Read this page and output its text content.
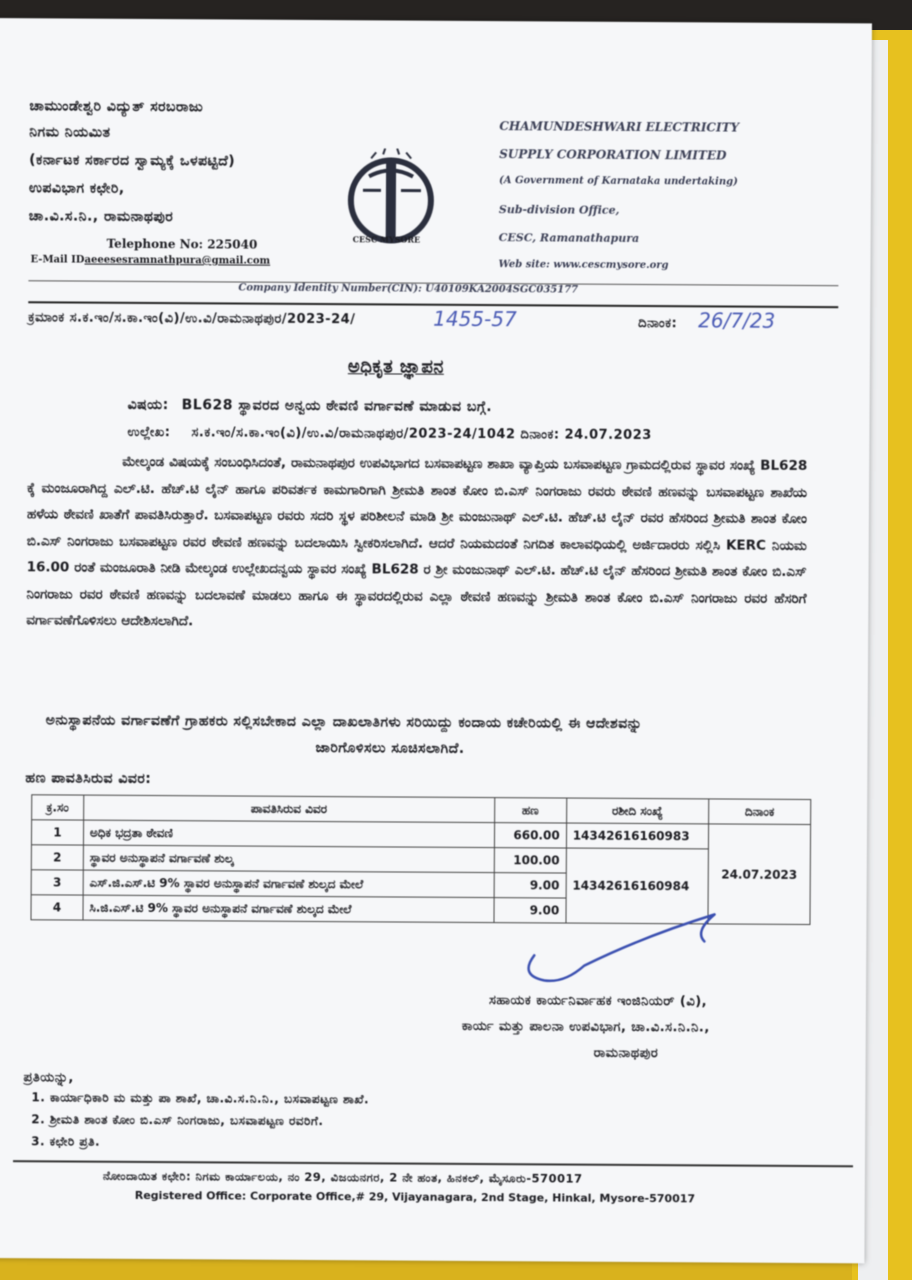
ಚಾಮುಂಡೇಶ್ವರಿ ವಿದ್ಯುತ್ ಸರಬರಾಜು
ನಿಗಮ ನಿಯಮಿತ
(ಕರ್ನಾಟಕ ಸರ್ಕಾರದ ಸ್ವಾಮ್ಯಕ್ಕೆ ಒಳಪಟ್ಟಿದೆ)
ಉಪವಿಭಾಗ ಕಛೇರಿ,
ಚಾ.ವಿ.ಸ.ನಿ., ರಾಮನಾಥಪುರ
Telephone No: 225040
E-Mail ID aeeesesramnathpura@gmail.com
CESC MYSORE
CHAMUNDESHWARI ELECTRICITY
SUPPLY CORPORATION LIMITED
(A Government of Karnataka undertaking)
Sub-division Office,
CESC, Ramanathapura
Web site: www.cescmysore.org
Company Identity Number(CIN): U40109KA2004SGC035177
ಕ್ರಮಾಂಕ ಸ.ಕ.ಇಂ/ಸ.ಕಾ.ಇಂ(ವಿ)/ಉ.ವಿ/ರಾಮನಾಥಪುರ/2023-24/	1455-57	ದಿನಾಂಕ: 26/7/23
ಅಧಿಕೃತ ಜ್ಞಾಪನ
ವಿಷಯ: BL628 ಸ್ಥಾವರದ ಅನ್ವಯ ಠೇವಣಿ ವರ್ಗಾವಣೆ ಮಾಡುವ ಬಗ್ಗೆ.
ಉಲ್ಲೇಖ: ಸ.ಕ.ಇಂ/ಸ.ಕಾ.ಇಂ(ವಿ)/ಉ.ವಿ/ರಾಮನಾಥಪುರ/2023-24/1042 ದಿನಾಂಕ: 24.07.2023
ಮೇಲ್ಕಂಡ ವಿಷಯಕ್ಕೆ ಸಂಬಂಧಿಸಿದಂತೆ, ರಾಮನಾಥಪುರ ಉಪವಿಭಾಗದ ಬಸವಾಪಟ್ಟಣ ಶಾಖಾ ವ್ಯಾಪ್ತಿಯ ಬಸವಾಪಟ್ಟಣ ಗ್ರಾಮದಲ್ಲಿರುವ ಸ್ಥಾವರ ಸಂಖ್ಯೆ BL628 ಕ್ಕೆ ಮಂಜೂರಾಗಿದ್ದ ಎಲ್.ಟಿ. ಹೆಚ್.ಟಿ ಲೈನ್ ಹಾಗೂ ಪರಿವರ್ತಕ ಕಾಮಗಾರಿಗಾಗಿ ಶ್ರೀಮತಿ ಶಾಂತ ಕೋಂ ಬಿ.ಎಸ್ ನಿಂಗರಾಜು ರವರು ಠೇವಣಿ ಹಣವನ್ನು ಬಸವಾಪಟ್ಟಣ ಶಾಖೆಯ ಹಳೆಯ ಠೇವಣಿ ಖಾತೆಗೆ ಪಾವತಿಸಿರುತ್ತಾರೆ. ಬಸವಾಪಟ್ಟಣ ರವರು ಸದರಿ ಸ್ಥಳ ಪರಿಶೀಲನೆ ಮಾಡಿ ಶ್ರೀ ಮಂಜುನಾಥ್ ಎಲ್.ಟಿ. ಹೆಚ್.ಟಿ ಲೈನ್ ರವರ ಹೆಸರಿಂದ ಶ್ರೀಮತಿ ಶಾಂತ ಕೋಂ ಬಿ.ಎಸ್ ನಿಂಗರಾಜು ಬಸವಾಪಟ್ಟಣ ರವರ ಠೇವಣಿ ಹಣವನ್ನು ಬದಲಾಯಿಸಿ ಸ್ವೀಕರಿಸಲಾಗಿದೆ. ಆದರೆ ನಿಯಮದಂತೆ ನಿಗದಿತ ಕಾಲಾವಧಿಯಲ್ಲಿ ಅರ್ಜಿದಾರರು ಸಲ್ಲಿಸಿ KERC ನಿಯಮ 16.00 ರಂತೆ ಮಂಜೂರಾತಿ ನೀಡಿ ಮೇಲ್ಕಂಡ ಉಲ್ಲೇಖದನ್ವಯ ಸ್ಥಾವರ ಸಂಖ್ಯೆ BL628 ರ ಶ್ರೀ ಮಂಜುನಾಥ್ ಎಲ್.ಟಿ. ಹೆಚ್.ಟಿ ಲೈನ್ ಹೆಸರಿಂದ ಶ್ರೀಮತಿ ಶಾಂತ ಕೋಂ ಬಿ.ಎಸ್ ನಿಂಗರಾಜು ರವರ ಠೇವಣಿ ಹಣವನ್ನು ಬದಲಾವಣೆ ಮಾಡಲು ಹಾಗೂ ಈ ಸ್ಥಾವರದಲ್ಲಿರುವ ಎಲ್ಲಾ ಠೇವಣಿ ಹಣವನ್ನು ಶ್ರೀಮತಿ ಶಾಂತ ಕೋಂ ಬಿ.ಎಸ್ ನಿಂಗರಾಜು ರವರ ಹೆಸರಿಗೆ ವರ್ಗಾವಣೆಗೊಳಿಸಲು ಆದೇಶಿಸಲಾಗಿದೆ.
ಅನುಸ್ಥಾಪನೆಯ ವರ್ಗಾವಣೆಗೆ ಗ್ರಾಹಕರು ಸಲ್ಲಿಸಬೇಕಾದ ಎಲ್ಲಾ ದಾಖಲಾತಿಗಳು ಸರಿಯಿದ್ದು ಕಂದಾಯ ಕಚೇರಿಯಲ್ಲಿ ಈ ಆದೇಶವನ್ನು
ಜಾರಿಗೊಳಿಸಲು ಸೂಚಿಸಲಾಗಿದೆ.
ಹಣ ಪಾವತಿಸಿರುವ ವಿವರ:
ಕ್ರ.ಸಂ	ಪಾವತಿಸಿರುವ ವಿವರ	ಹಣ	ರಶೀದಿ ಸಂಖ್ಯೆ	ದಿನಾಂಕ
1	ಅಧಿಕ ಭದ್ರತಾ ಠೇವಣಿ	660.00	14342616160983	24.07.2023
2	ಸ್ಥಾವರ ಅನುಸ್ಥಾಪನೆ ವರ್ಗಾವಣೆ ಶುಲ್ಕ	100.00	14342616160984	
3	ಎಸ್.ಜಿ.ಎಸ್.ಟಿ 9% ಸ್ಥಾವರ ಅನುಸ್ಥಾಪನೆ ವರ್ಗಾವಣೆ ಶುಲ್ಕದ ಮೇಲೆ	9.00		
4	ಸಿ.ಜಿ.ಎಸ್.ಟಿ 9% ಸ್ಥಾವರ ಅನುಸ್ಥಾಪನೆ ವರ್ಗಾವಣೆ ಶುಲ್ಕದ ಮೇಲೆ	9.00		
ಸಹಾಯಕ ಕಾರ್ಯನಿರ್ವಾಹಕ ಇಂಜಿನಿಯರ್ (ವಿ),
ಕಾರ್ಯ ಮತ್ತು ಪಾಲನಾ ಉಪವಿಭಾಗ, ಚಾ.ವಿ.ಸ.ನಿ.ನಿ.,
ರಾಮನಾಥಪುರ
ಪ್ರತಿಯನ್ನು,
1. ಕಾರ್ಯಾಧಿಕಾರಿ ಮ ಮತ್ತು ಪಾ ಶಾಖೆ, ಚಾ.ವಿ.ಸ.ನಿ.ನಿ., ಬಸವಾಪಟ್ಟಣ ಶಾಖೆ.
2. ಶ್ರೀಮತಿ ಶಾಂತ ಕೋಂ ಬಿ.ಎಸ್ ನಿಂಗರಾಜು, ಬಸವಾಪಟ್ಟಣ ರವರಿಗೆ.
3. ಕಛೇರಿ ಪ್ರತಿ.
ನೋಂದಾಯಿತ ಕಛೇರಿ: ನಿಗಮ ಕಾರ್ಯಾಲಯ, ನಂ 29, ವಿಜಯನಗರ, 2 ನೇ ಹಂತ, ಹಿನಕಲ್, ಮೈಸೂರು-570017
Registered Office: Corporate Office,# 29, Vijayanagara, 2nd Stage, Hinkal, Mysore-570017
